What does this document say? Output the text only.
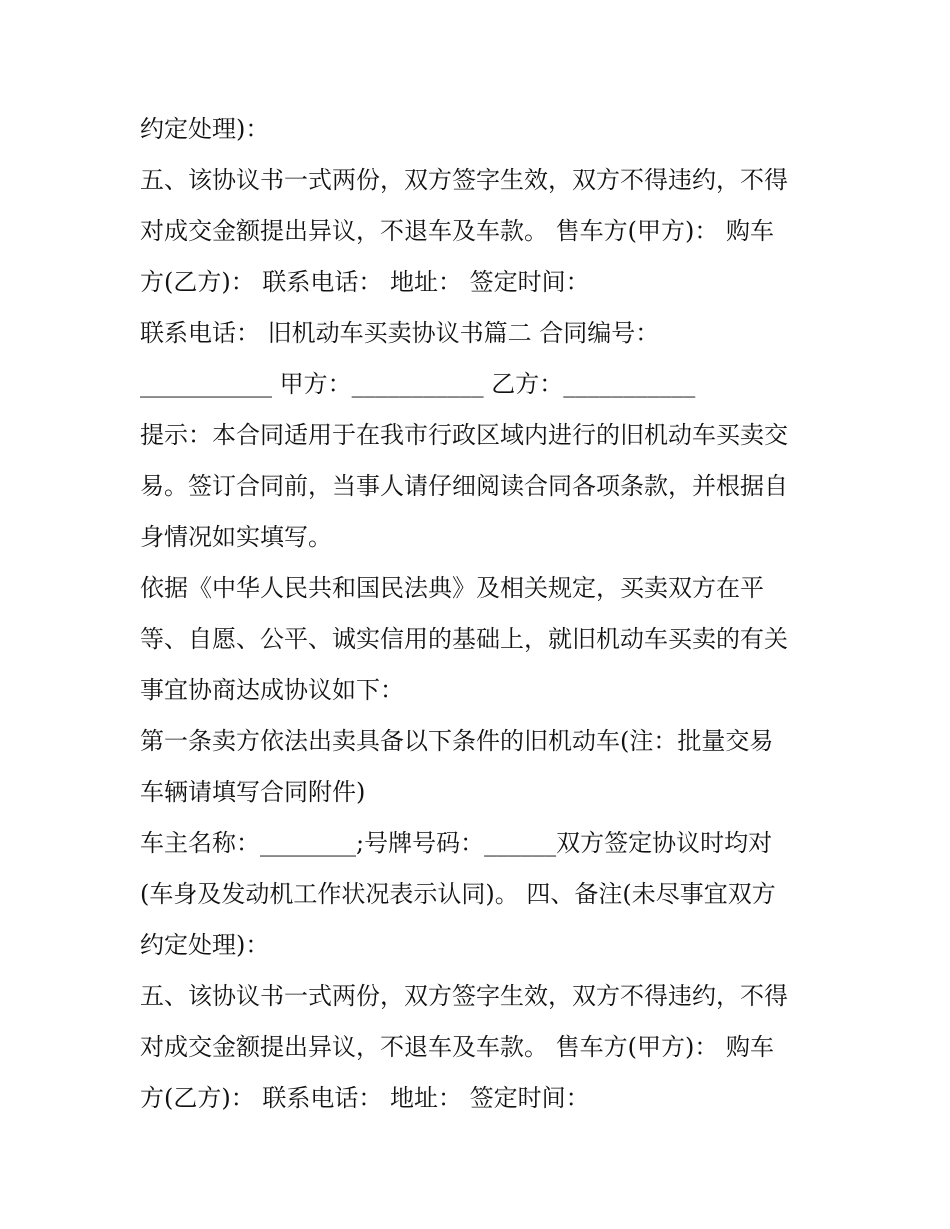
约定处理)：
五、该协议书一式两份，双方签字生效，双方不得违约，不得
对成交金额提出异议，不退车及车款。 售车方(甲方)： 购车
方(乙方)： 联系电话： 地址： 签定时间：
联系电话： 旧机动车买卖协议书篇二 合同编号：
___________ 甲方：___________ 乙方：___________
提示：本合同适用于在我市行政区域内进行的旧机动车买卖交
易。签订合同前，当事人请仔细阅读合同各项条款，并根据自
身情况如实填写。
依据《中华人民共和国民法典》及相关规定，买卖双方在平
等、自愿、公平、诚实信用的基础上，就旧机动车买卖的有关
事宜协商达成协议如下：
第一条卖方依法出卖具备以下条件的旧机动车(注：批量交易
车辆请填写合同附件)
车主名称：________;号牌号码：______双方签定协议时均对
(车身及发动机工作状况表示认同)。 四、备注(未尽事宜双方
约定处理)：
五、该协议书一式两份，双方签字生效，双方不得违约，不得
对成交金额提出异议，不退车及车款。 售车方(甲方)： 购车
方(乙方)： 联系电话： 地址： 签定时间：
